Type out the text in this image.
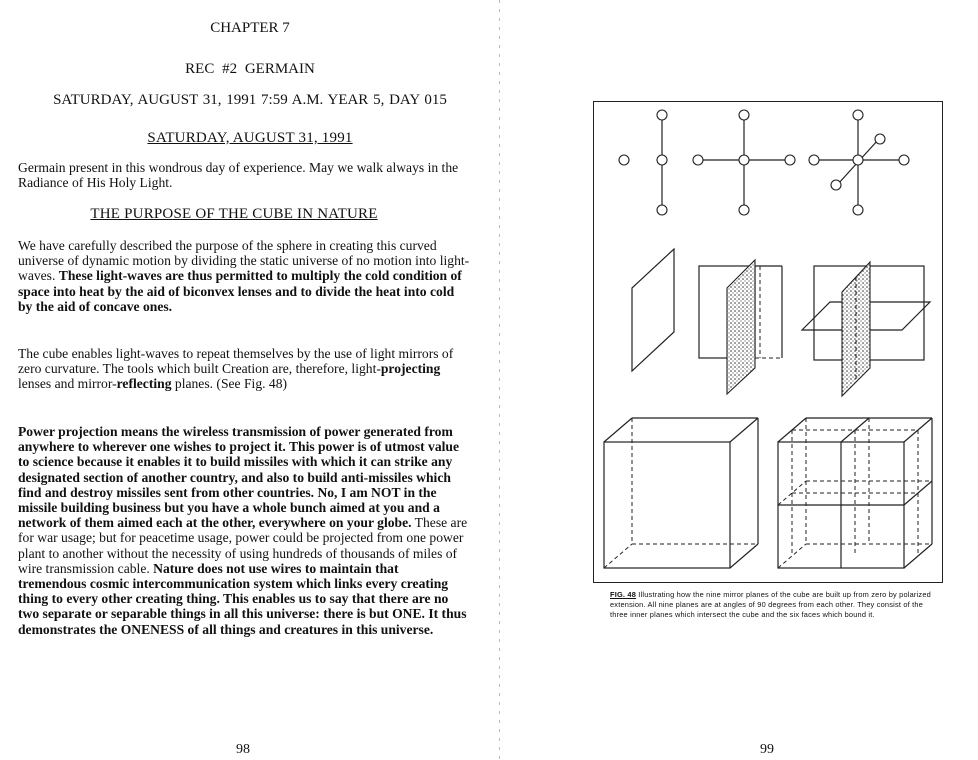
CHAPTER 7
REC #2 GERMAIN
SATURDAY, AUGUST 31, 1991 7:59 A.M. YEAR 5, DAY 015
SATURDAY, AUGUST 31, 1991
Germain present in this wondrous day of experience. May we walk always in the Radiance of His Holy Light.
THE PURPOSE OF THE CUBE IN NATURE
We have carefully described the purpose of the sphere in creating this curved universe of dynamic motion by dividing the static universe of no motion into light-waves. These light-waves are thus permitted to multiply the cold condition of space into heat by the aid of biconvex lenses and to divide the heat into cold by the aid of concave ones.
The cube enables light-waves to repeat themselves by the use of light mirrors of zero curvature. The tools which built Creation are, therefore, light-projecting lenses and mirror-reflecting planes. (See Fig. 48)
Power projection means the wireless transmission of power generated from anywhere to wherever one wishes to project it. This power is of utmost value to science because it enables it to build missiles with which it can strike any designated section of another country, and also to build anti-missiles which find and destroy missiles sent from other countries. No, I am NOT in the missile building business but you have a whole bunch aimed at you and a network of them aimed each at the other, everywhere on your globe. These are for war usage; but for peacetime usage, power could be projected from one power plant to another without the necessity of using hundreds of thousands of miles of wire transmission cable. Nature does not use wires to maintain that tremendous cosmic intercommunication system which links every creating thing to every other creating thing. This enables us to say that there are no two separate or separable things in all this universe: there is but ONE. It thus demonstrates the ONENESS of all things and creatures in this universe.
98
FIG. 48 Illustrating how the nine mirror planes of the cube are built up from zero by polarized extension. All nine planes are at angles of 90 degrees from each other. They consist of the three inner planes which intersect the cube and the six faces which bound it.
99
